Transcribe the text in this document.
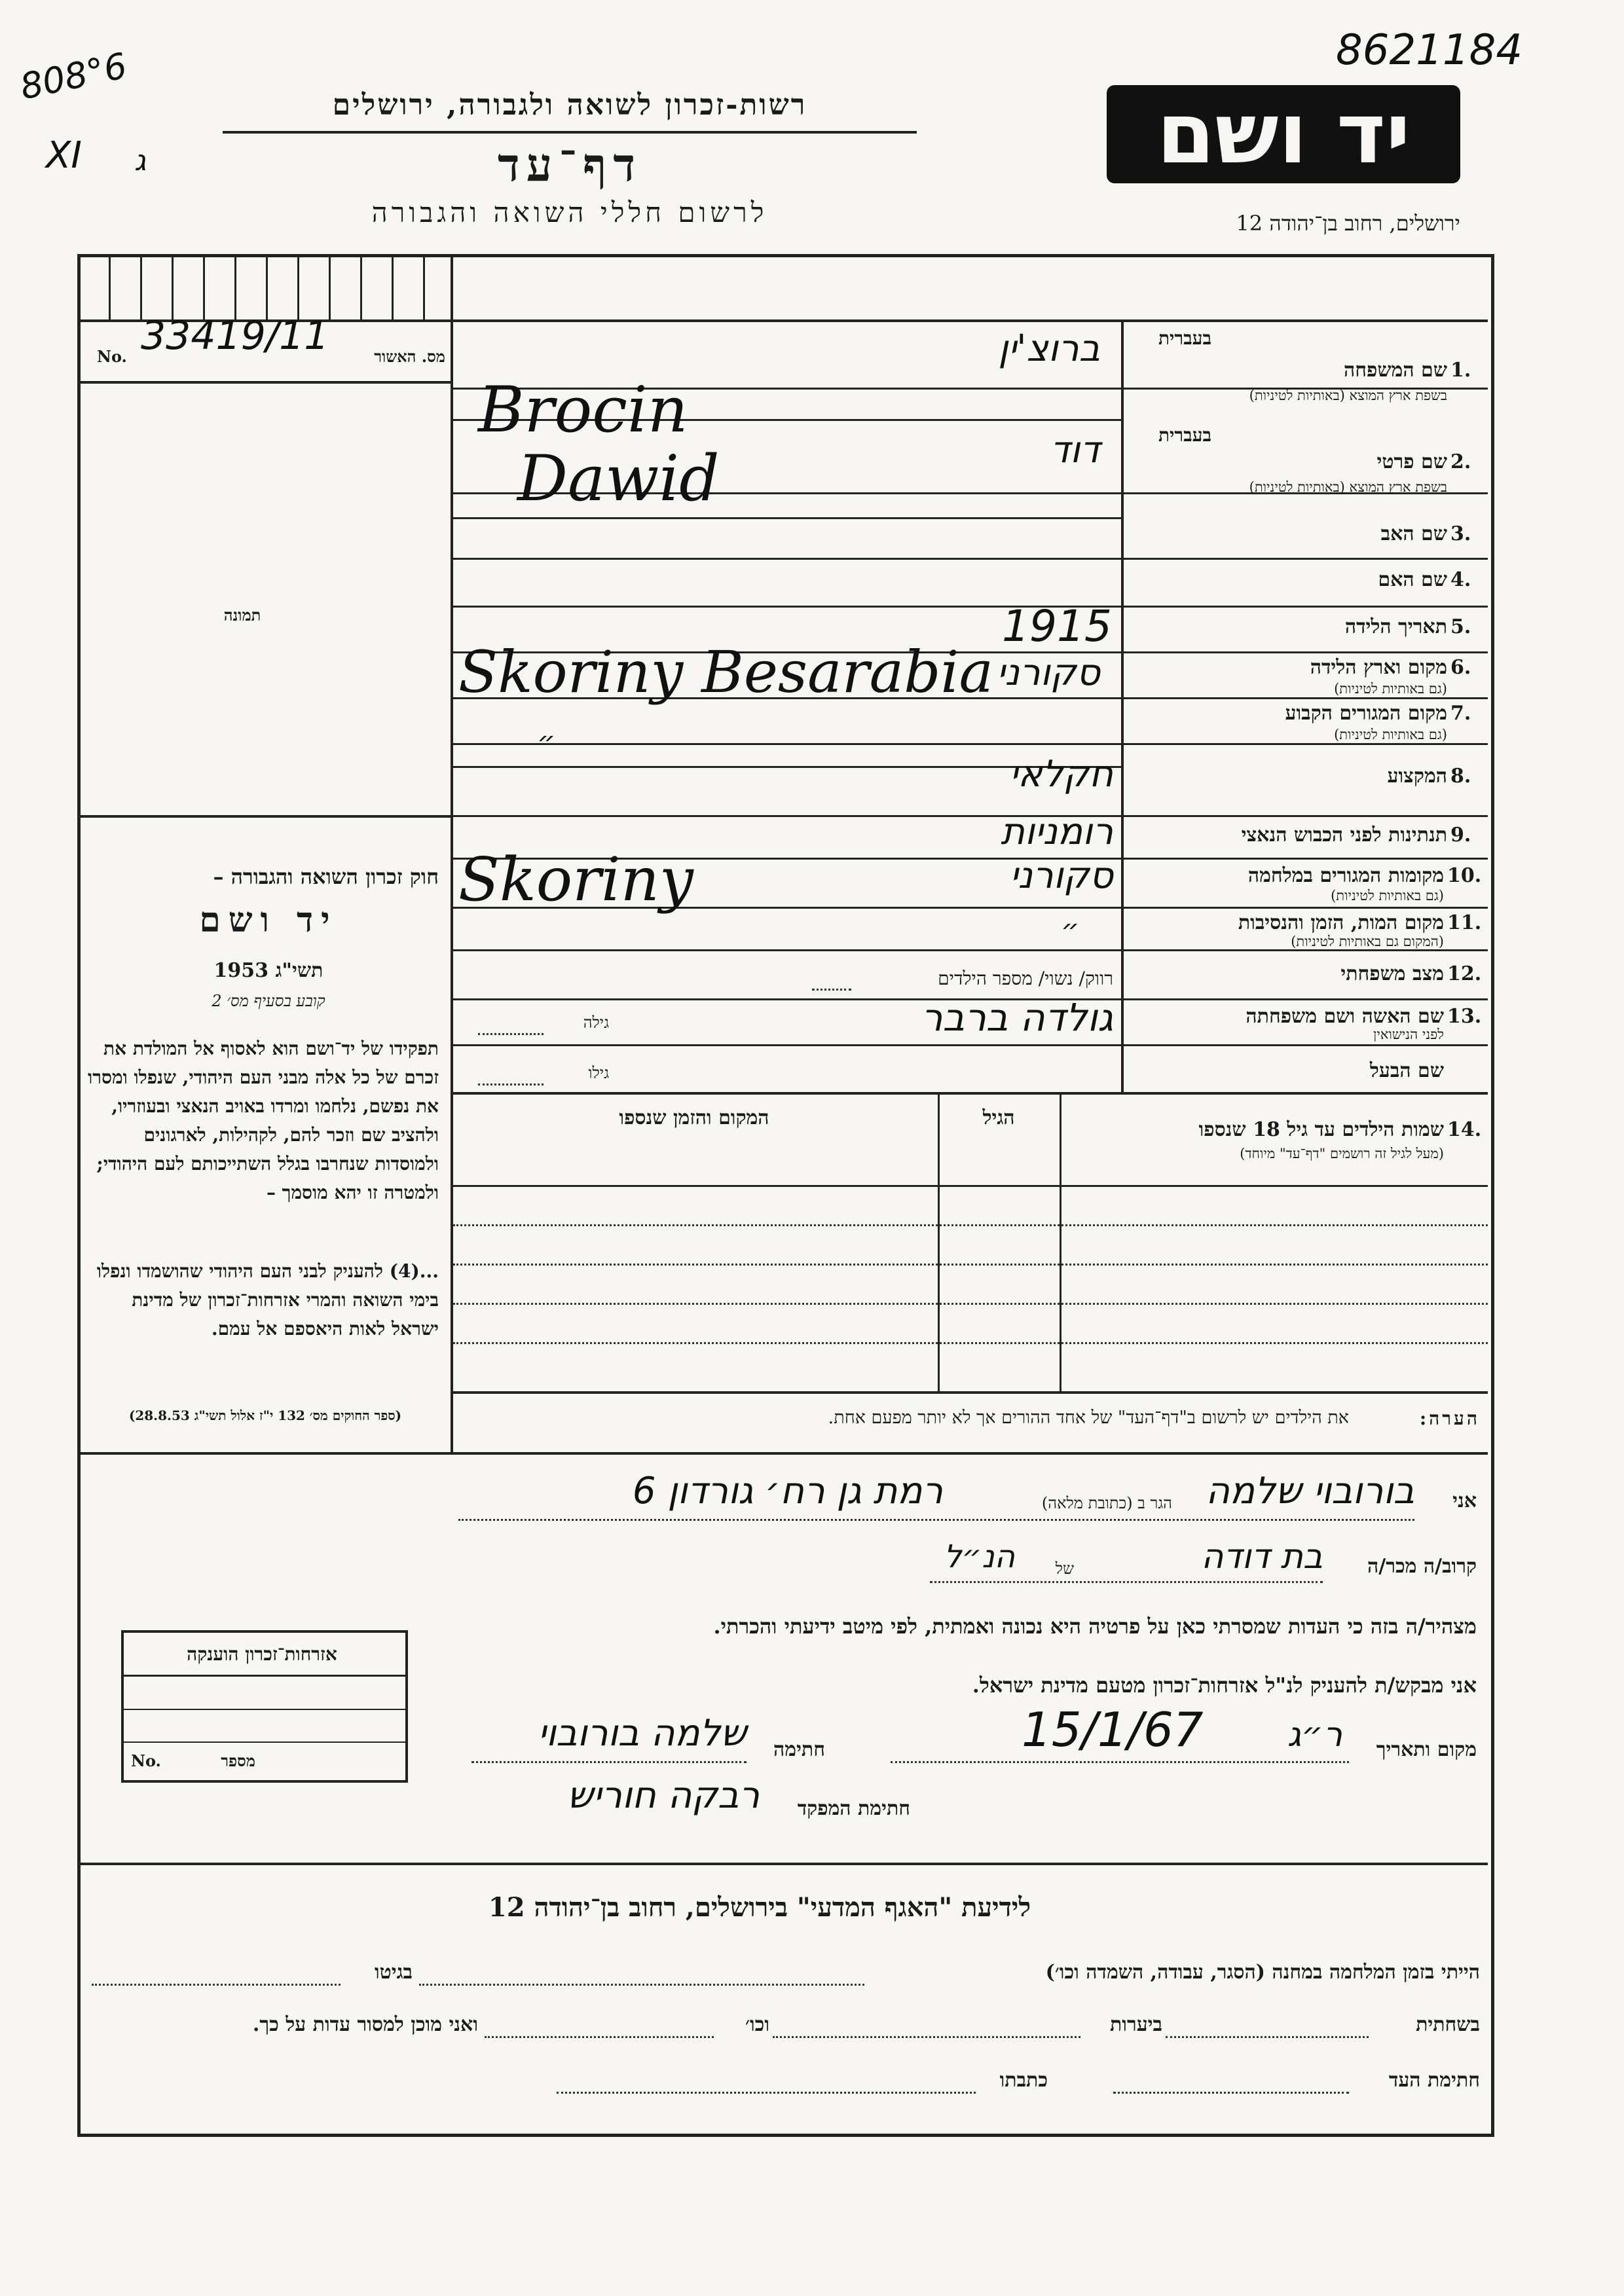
8621184
808°6
XI ג
רשות-זכרון לשואה ולגבורה, ירושלים
דף־עד
לרשום חללי השואה והגבורה
יד ושם
ירושלים, רחוב בן־יהודה 12
מס. האשור
No. 33419/11
תמונה
חוק זכרון השואה והגבורה –
יד ושם
תשי"ג 1953
קובע בסעיף מס׳ 2
תפקידו של יד־ושם הוא לאסוף אל המולדת את זכרם של כל אלה מבני העם היהודי, שנפלו ומסרו את נפשם, נלחמו ומרדו באויב הנאצי ובעוזריו, ולהציב שם וזכר להם, לקהילות, לארגונים ולמוסדות שנחרבו בגלל השתייכותם לעם היהודי; ולמטרה זו יהא מוסמך –
...(4) להעניק לבני העם היהודי שהושמדו ונפלו בימי השואה והמרי אזרחות־זכרון של מדינת ישראל לאות היאספם אל עמם.
(ספר החוקים מס׳ 132 י"ז אלול תשי"ג 28.8.53)
בעברית
1.
שם המשפחה
בשפת ארץ המוצא (באותיות לטיניות)
ברוצ'ין
Brocin	בעברית
2.
שם פרטי
בשפת ארץ המוצא (באותיות לטיניות)
דוד
Dawid
3.
שם האב
4.
שם האם
5.
תאריך הלידה
1915
6.
מקום וארץ הלידה
(גם באותיות לטיניות)
סקורני
Skoriny Besarabia
7.
מקום המגורים הקבוע
(גם באותיות לטיניות)
״
8.
המקצוע
חקלאי
9.
תנתינות לפני הכבוש הנאצי
רומניות
10.
מקומות המגורים במלחמה
(גם באותיות לטיניות)
סקורני
Skoriny
11.
מקום המות, הזמן והנסיבות
(המקום גם באותיות לטיניות)
״
12.
מצב משפחתי
רווק/ נשוי/ מספר הילדים
13.
שם האשה ושם משפחתה
לפני הנישואין
גולדה ברבר
גילה
שם הבעל
גילו
14.
שמות הילדים עד גיל 18 שנספו
(מעל לגיל זה רושמים "דף־עד" מיוחד)
הגיל
המקום והזמן שנספו
הערה:
את הילדים יש לרשום ב"דף־העד" של אחד ההורים אך לא יותר מפעם אחת.
אני
בורובוי שלמה
הגר ב (כתובת מלאה)
רמת גן רח׳ גורדון 6
קרוב/ה מכר/ה
בת דודה
של
הנ״ל
מצהיר/ה בזה כי העדות שמסרתי כאן על פרטיה היא נכונה ואמתית, לפי מיטב ידיעתי והכרתי.
אני מבקש/ת להעניק לנ"ל אזרחות־זכרון מטעם מדינת ישראל.
מקום ותאריך
ר״ג
15/1/67
חתימה
שלמה בורובוי
חתימת המפקד
רבקה חוריש
אזרחות־זכרון הוענקה
מספר
No.
לידיעת "האגף המדעי" בירושלים, רחוב בן־יהודה 12
הייתי בזמן המלחמה במחנה (הסגר, עבודה, השמדה וכו׳)
בגיטו
בשחתית
ביערות
וכו׳
ואני מוכן למסור עדות על כך.
חתימת העד
כתבתו
